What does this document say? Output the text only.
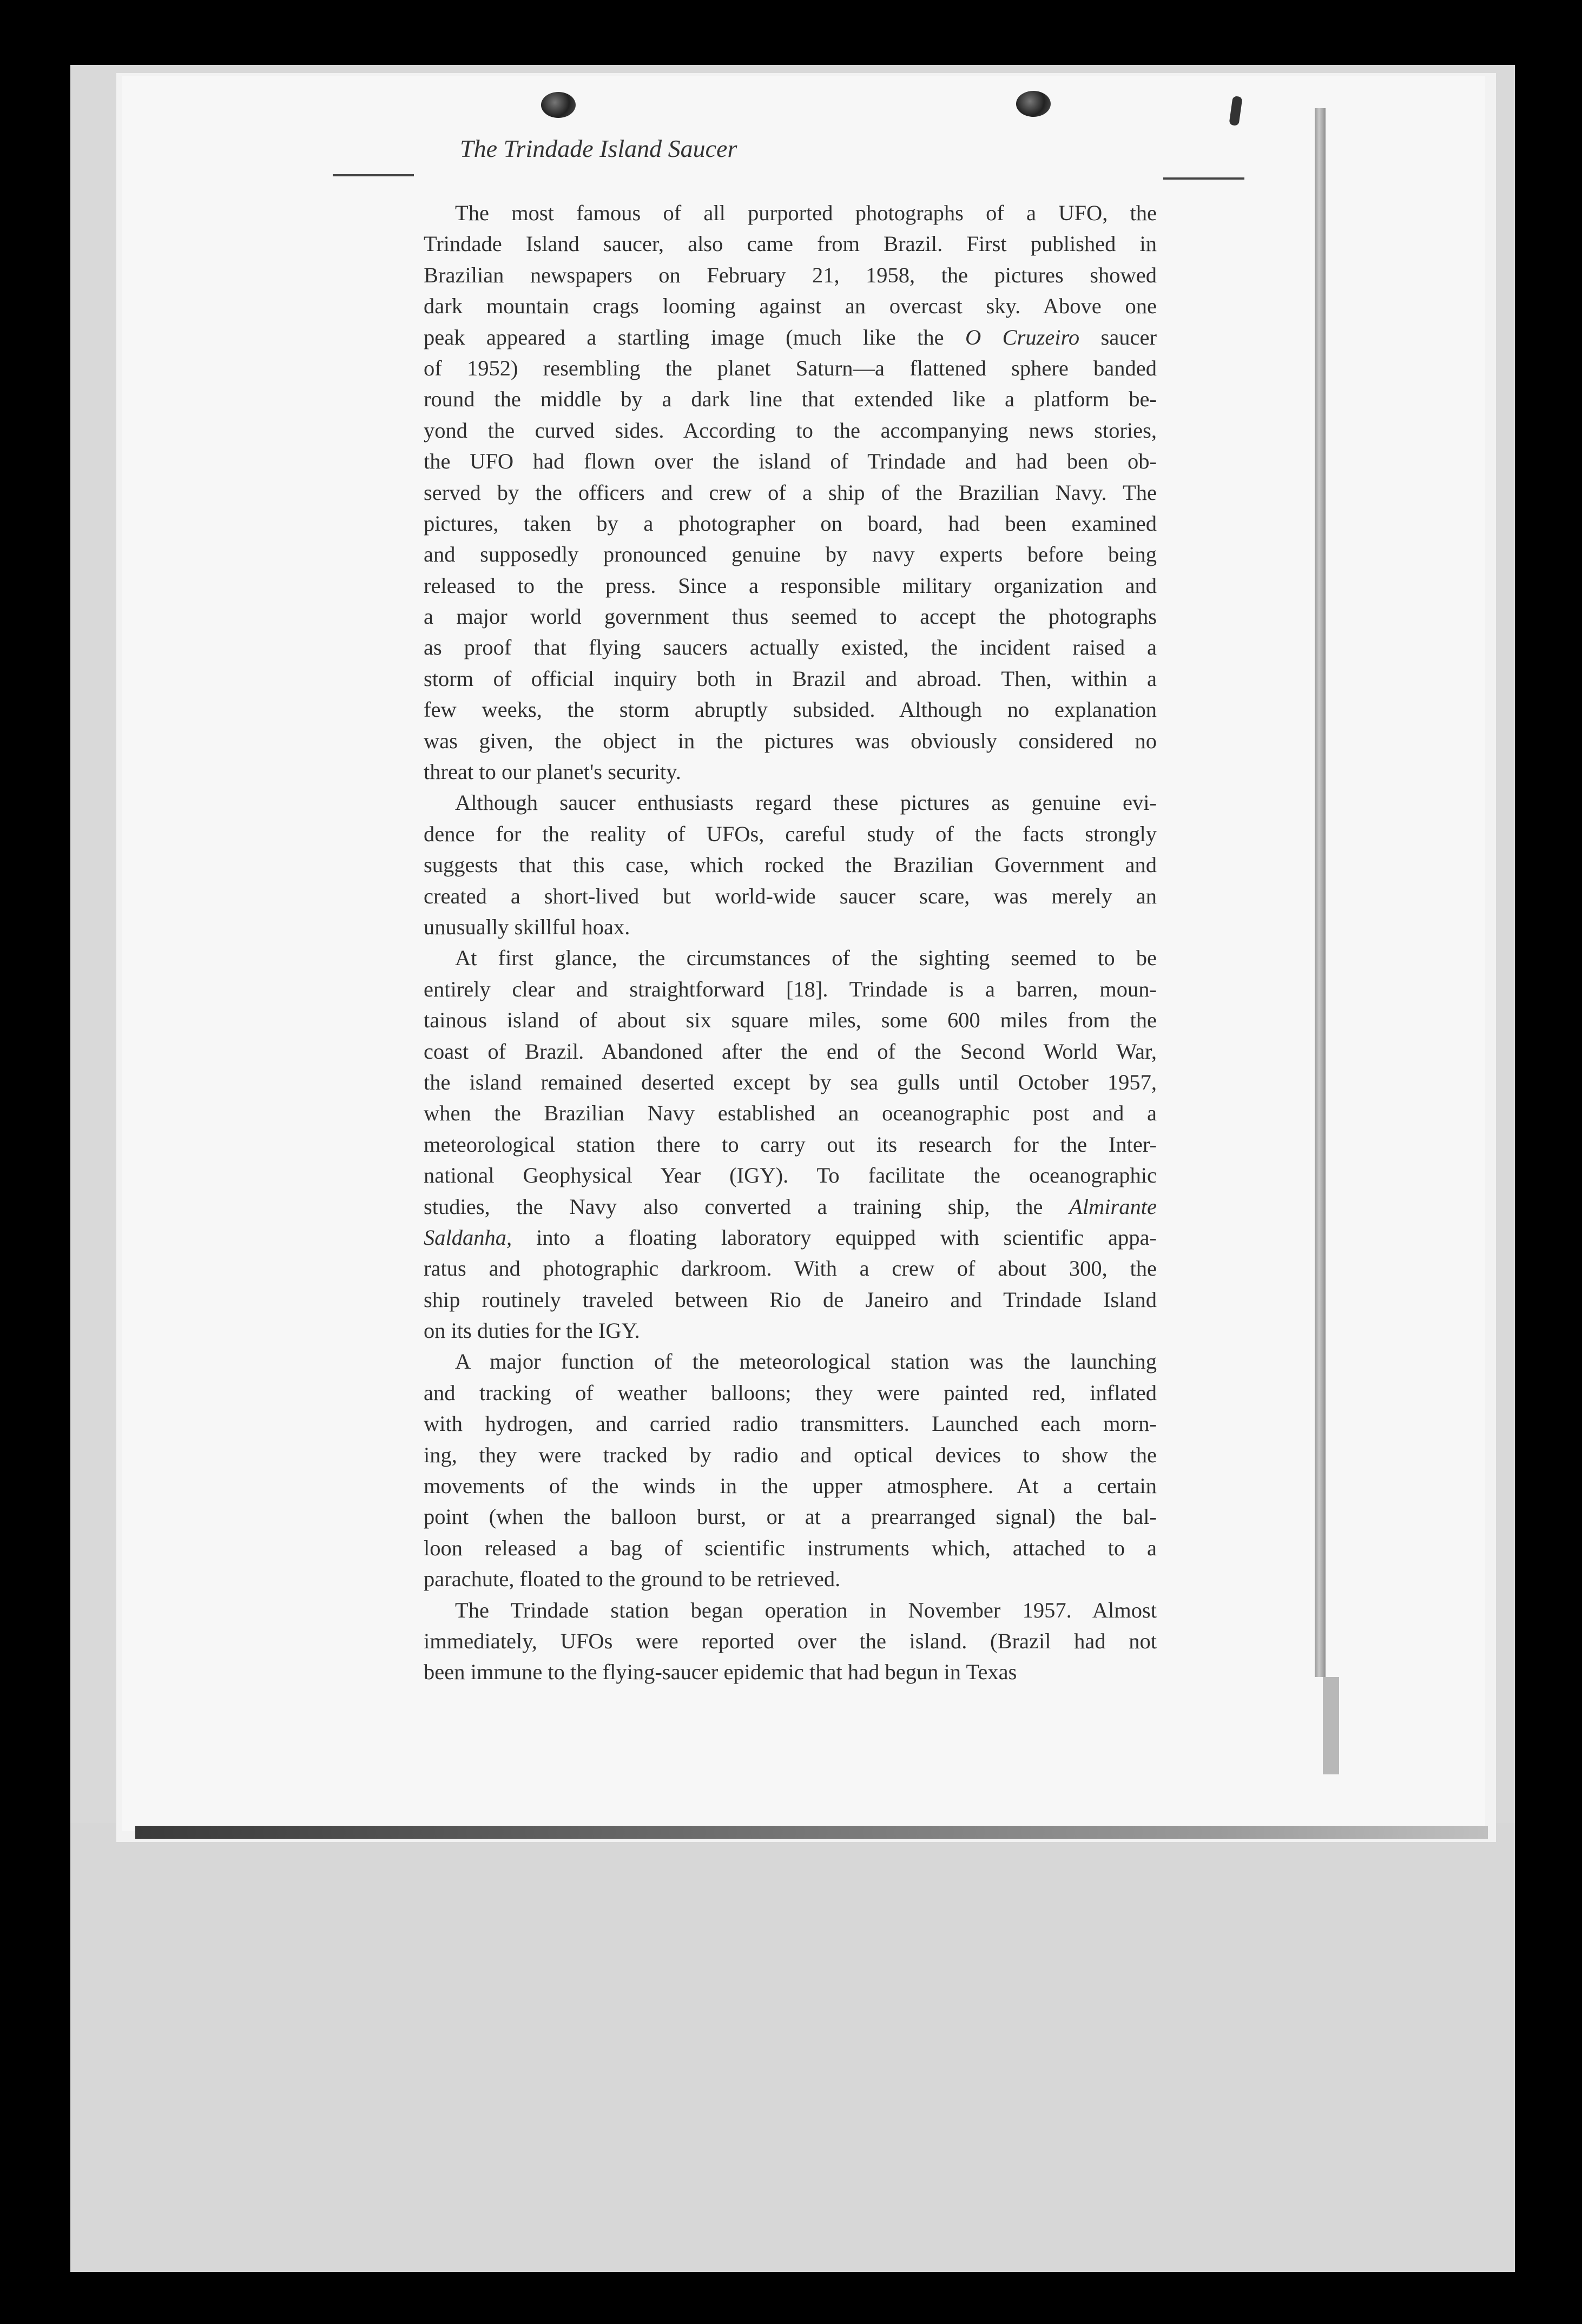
The Trindade Island Saucer
The most famous of all purported photographs of a UFO, the
Trindade Island saucer, also came from Brazil. First published in
Brazilian newspapers on February 21, 1958, the pictures showed
dark mountain crags looming against an overcast sky. Above one
peak appeared a startling image (much like the O Cruzeiro saucer
of 1952) resembling the planet Saturn—a flattened sphere banded
round the middle by a dark line that extended like a platform be-
yond the curved sides. According to the accompanying news stories,
the UFO had flown over the island of Trindade and had been ob-
served by the officers and crew of a ship of the Brazilian Navy. The
pictures, taken by a photographer on board, had been examined
and supposedly pronounced genuine by navy experts before being
released to the press. Since a responsible military organization and
a major world government thus seemed to accept the photographs
as proof that flying saucers actually existed, the incident raised a
storm of official inquiry both in Brazil and abroad. Then, within a
few weeks, the storm abruptly subsided. Although no explanation
was given, the object in the pictures was obviously considered no
threat to our planet's security.
Although saucer enthusiasts regard these pictures as genuine evi-
dence for the reality of UFOs, careful study of the facts strongly
suggests that this case, which rocked the Brazilian Government and
created a short-lived but world-wide saucer scare, was merely an
unusually skillful hoax.
At first glance, the circumstances of the sighting seemed to be
entirely clear and straightforward [18]. Trindade is a barren, moun-
tainous island of about six square miles, some 600 miles from the
coast of Brazil. Abandoned after the end of the Second World War,
the island remained deserted except by sea gulls until October 1957,
when the Brazilian Navy established an oceanographic post and a
meteorological station there to carry out its research for the Inter-
national Geophysical Year (IGY). To facilitate the oceanographic
studies, the Navy also converted a training ship, the Almirante
Saldanha, into a floating laboratory equipped with scientific appa-
ratus and photographic darkroom. With a crew of about 300, the
ship routinely traveled between Rio de Janeiro and Trindade Island
on its duties for the IGY.
A major function of the meteorological station was the launching
and tracking of weather balloons; they were painted red, inflated
with hydrogen, and carried radio transmitters. Launched each morn-
ing, they were tracked by radio and optical devices to show the
movements of the winds in the upper atmosphere. At a certain
point (when the balloon burst, or at a prearranged signal) the bal-
loon released a bag of scientific instruments which, attached to a
parachute, floated to the ground to be retrieved.
The Trindade station began operation in November 1957. Almost
immediately, UFOs were reported over the island. (Brazil had not
been immune to the flying-saucer epidemic that had begun in Texas
